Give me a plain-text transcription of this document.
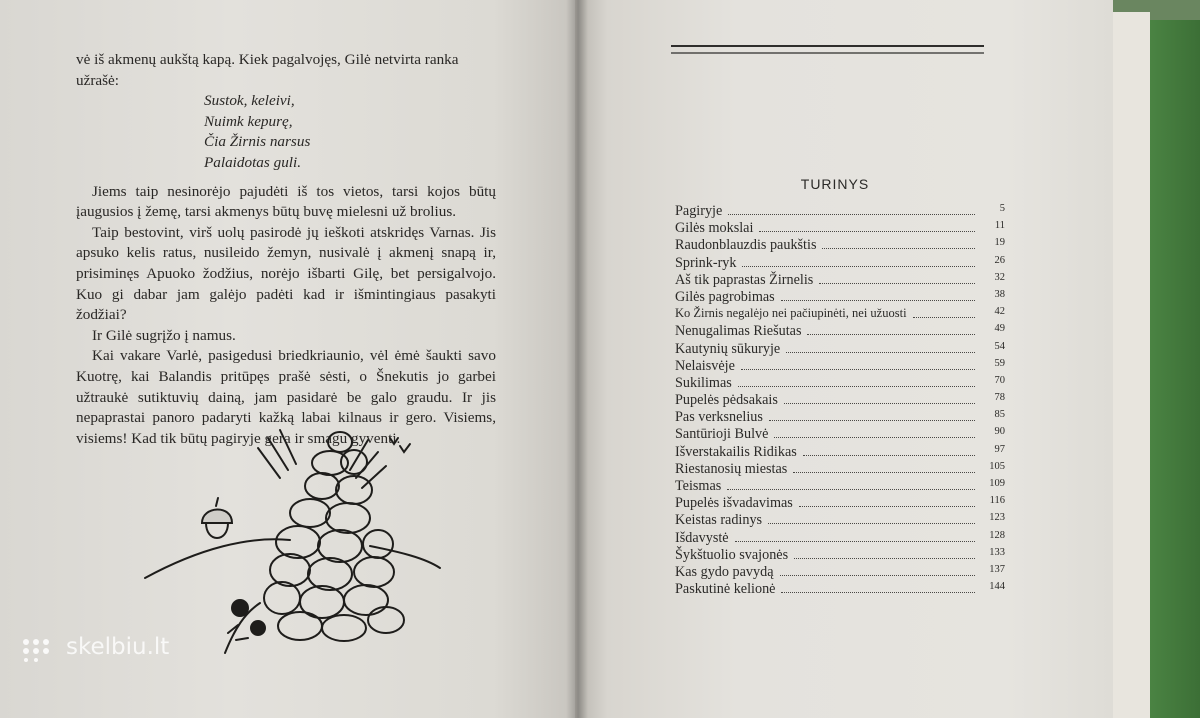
vė iš akmenų aukštą kapą. Kiek pagalvojęs, Gilė netvirta ranka

užrašė:

Sustok, keleivi,

Nuimk kepurę,

Čia Žirnis narsus

Palaidotas guli.

Jiems taip nesinorėjo pajudėti iš tos vietos, tarsi kojos būtų įaugusios į žemę, tarsi akmenys būtų buvę mielesni už brolius.

Taip bestovint, virš uolų pasirodė jų ieškoti atskridęs Varnas. Jis apsuko kelis ratus, nusileido žemyn, nusivalė į akmenį snapą ir, prisiminęs Apuoko žodžius, norėjo išbarti Gilę, bet persigalvojo. Kuo gi dabar jam galėjo padėti kad ir išmintingiaus pasakyti žodžiai?

Ir Gilė sugrįžo į namus.

Kai vakare Varlė, pasigedusi briedkriaunio, vėl ėmė šaukti savo Kuotrę, kai Balandis pritūpęs prašė sėsti, o Šnekutis jo garbei užtraukė sutiktuvių dainą, jam pasidarė be galo graudu. Ir jis nepaprastai panoro padaryti kažką labai kilnaus ir gero. Visiems, visiems! Kad tik būtų pagiryje gera ir smagu gyventi.

skelbiu.lt
TURINYS
Pagiryje	5
Gilės mokslai	11
Raudonblauzdis paukštis	19
Sprink-ryk	26
Aš tik paprastas Žirnelis	32
Gilės pagrobimas	38
Ko Žirnis negalėjo nei pačiupinėti, nei užuosti	42
Nenugalimas Riešutas	49
Kautynių sūkuryje	54
Nelaisvėje	59
Sukilimas	70
Pupelės pėdsakais	78
Pas verksnelius	85
Santūrioji Bulvė	90
Išverstakailis Ridikas	97
Riestanosių miestas	105
Teismas	109
Pupelės išvadavimas	116
Keistas radinys	123
Išdavystė	128
Šykštuolio svajonės	133
Kas gydo pavydą	137
Paskutinė kelionė	144
